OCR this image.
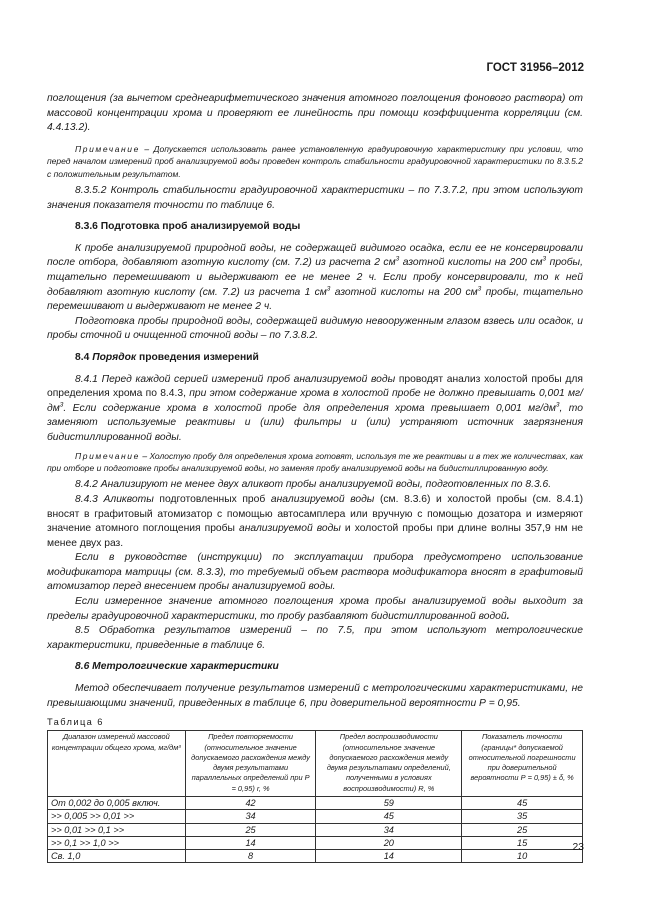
ГОСТ 31956–2012

поглощения (за вычетом среднеарифметического значения атомного поглощения фонового раствора) от массовой концентрации хрома и проверяют ее линейность при помощи коэффициента корреляции (см. 4.4.13.2).

Примечание – Допускается использовать ранее установленную градуировочную характеристику при условии, что перед началом измерений проб анализируемой воды проведен контроль стабильности градуировочной характеристики по 8.3.5.2 с положительным результатом.

8.3.5.2 Контроль стабильности градуировочной характеристики – по 7.3.7.2, при этом используют значения показателя точности по таблице 6.

8.3.6 Подготовка проб анализируемой воды

К пробе анализируемой природной воды, не содержащей видимого осадка, если ее не консервировали после отбора, добавляют азотную кислоту (см. 7.2) из расчета 2 $см^3$ азотной кислоты на 200 $см^3$ пробы, тщательно перемешивают и выдерживают ее не менее 2 ч. Если пробу консервировали, то к ней добавляют азотную кислоту (см. 7.2) из расчета 1 $см^3$ азотной кислоты на 200 $см^3$ пробы, тщательно перемешивают и выдерживают не менее 2 ч.

Подготовка пробы природной воды, содержащей видимую невооруженным глазом взвесь или осадок, и пробы сточной и очищенной сточной воды – по 7.3.8.2.

8.4 Порядок проведения измерений

8.4.1 Перед каждой серией измерений проб анализируемой воды проводят анализ холостой пробы для определения хрома по 8.4.3, при этом содержание хрома в холостой пробе не должно превышать 0,001 $мг/дм^3$. Если содержание хрома в холостой пробе для определения хрома превышает 0,001 $мг/дм^3$, то заменяют используемые реактивы и (или) фильтры и (или) устраняют источник загрязнения бидистиллированной воды.

Примечание – Холостую пробу для определения хрома готовят, используя те же реактивы и в тех же количествах, как при отборе и подготовке пробы анализируемой воды, но заменяя пробу анализируемой воды на бидистиллированную воду.

8.4.2 Анализируют не менее двух аликвот пробы анализируемой воды, подготовленных по 8.3.6.

8.4.3 Аликвоты подготовленных проб анализируемой воды (см. 8.3.6) и холостой пробы (см. 8.4.1) вносят в графитовый атомизатор с помощью автосамплера или вручную с помощью дозатора и измеряют значение атомного поглощения пробы анализируемой воды и холостой пробы при длине волны 357,9 нм не менее двух раз.

Если в руководстве (инструкции) по эксплуатации прибора предусмотрено использование модификатора матрицы (см. 8.3.3), то требуемый объем раствора модификатора вносят в графитовый атомизатор перед внесением пробы анализируемой воды.

Если измеренное значение атомного поглощения хрома пробы анализируемой воды выходит за пределы градуировочной характеристики, то пробу разбавляют бидистиллированной водой.

8.5 Обработка результатов измерений – по 7.5, при этом используют метрологические характеристики, приведенные в таблице 6.

8.6 Метрологические характеристики

Метод обеспечивает получение результатов измерений с метрологическими характеристиками, не превышающими значений, приведенных в таблице 6, при доверительной вероятности Р = 0,95.

Таблица 6
Диапазон измерений массовой концентрации общего хрома, мг/дм³	Предел повторяемости (относительное значение допускаемого расхождения между двумя результатами параллельных определений при Р = 0,95) r, %	Предел воспроизводимости (относительное значение допускаемого расхождения между двумя результатами определений, полученными в условиях воспроизводимости) R, %	Показатель точности (границы* допускаемой относительной погрешности при доверительной вероятности Р = 0,95) ± δ, %
От 0,002 до 0,005 включ.	42	59	45
>> 0,005 >> 0,01 >>	34	45	35
>> 0,01 >> 0,1 >>	25	34	25
>> 0,1 >> 1,0 >>	14	20	15
Св. 1,0	8	14	10
23
